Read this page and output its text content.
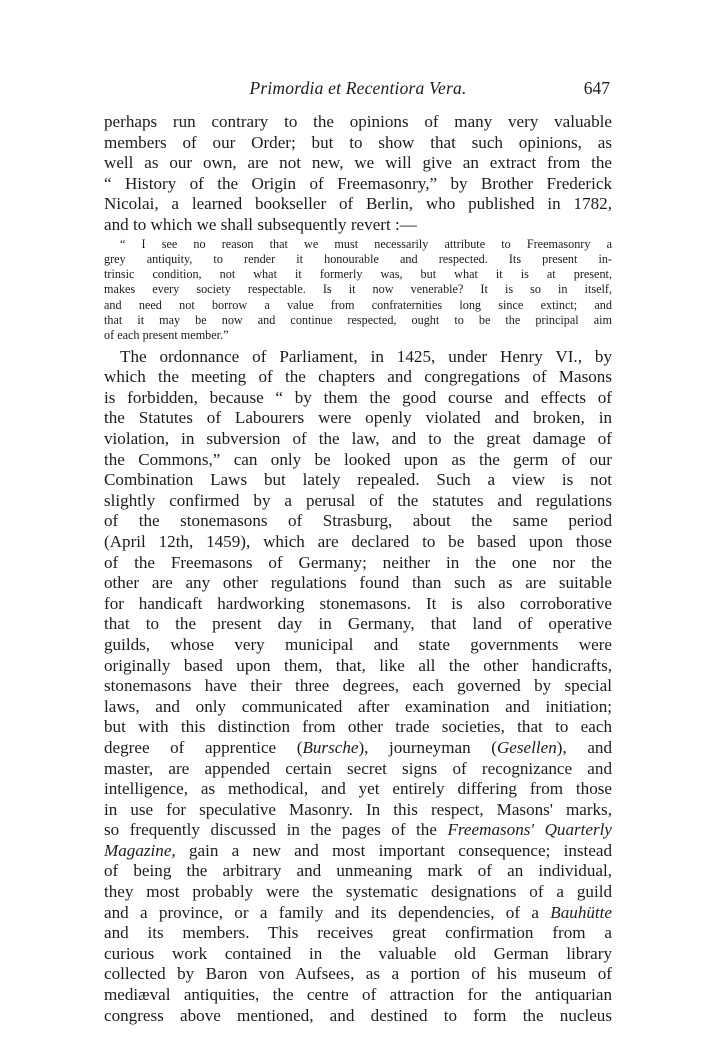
Primordia et Recentiora Vera.	647
perhaps run contrary to the opinions of many very valuable
members of our Order; but to show that such opinions, as
well as our own, are not new, we will give an extract from the
“ History of the Origin of Freemasonry,” by Brother Frederick
Nicolai, a learned bookseller of Berlin, who published in 1782,
and to which we shall subsequently revert :—
“ I see no reason that we must necessarily attribute to Freemasonry a
grey antiquity, to render it honourable and respected. Its present in-
trinsic condition, not what it formerly was, but what it is at present,
makes every society respectable. Is it now venerable? It is so in itself,
and need not borrow a value from confraternities long since extinct; and
that it may be now and continue respected, ought to be the principal aim
of each present member.”
The ordonnance of Parliament, in 1425, under Henry VI., by
which the meeting of the chapters and congregations of Masons
is forbidden, because “ by them the good course and effects of
the Statutes of Labourers were openly violated and broken, in
violation, in subversion of the law, and to the great damage of
the Commons,” can only be looked upon as the germ of our
Combination Laws but lately repealed. Such a view is not
slightly confirmed by a perusal of the statutes and regulations
of the stonemasons of Strasburg, about the same period
(April 12th, 1459), which are declared to be based upon those
of the Freemasons of Germany; neither in the one nor the
other are any other regulations found than such as are suitable
for handicaft hardworking stonemasons. It is also corroborative
that to the present day in Germany, that land of operative
guilds, whose very municipal and state governments were
originally based upon them, that, like all the other handicrafts,
stonemasons have their three degrees, each governed by special
laws, and only communicated after examination and initiation;
but with this distinction from other trade societies, that to each
degree of apprentice (Bursche), journeyman (Gesellen), and
master, are appended certain secret signs of recognizance and
intelligence, as methodical, and yet entirely differing from those
in use for speculative Masonry. In this respect, Masons' marks,
so frequently discussed in the pages of the Freemasons' Quarterly
Magazine, gain a new and most important consequence; instead
of being the arbitrary and unmeaning mark of an individual,
they most probably were the systematic designations of a guild
and a province, or a family and its dependencies, of a Bauhütte
and its members. This receives great confirmation from a
curious work contained in the valuable old German library
collected by Baron von Aufsees, as a portion of his museum of
mediæval antiquities, the centre of attraction for the antiquarian
congress above mentioned, and destined to form the nucleus
